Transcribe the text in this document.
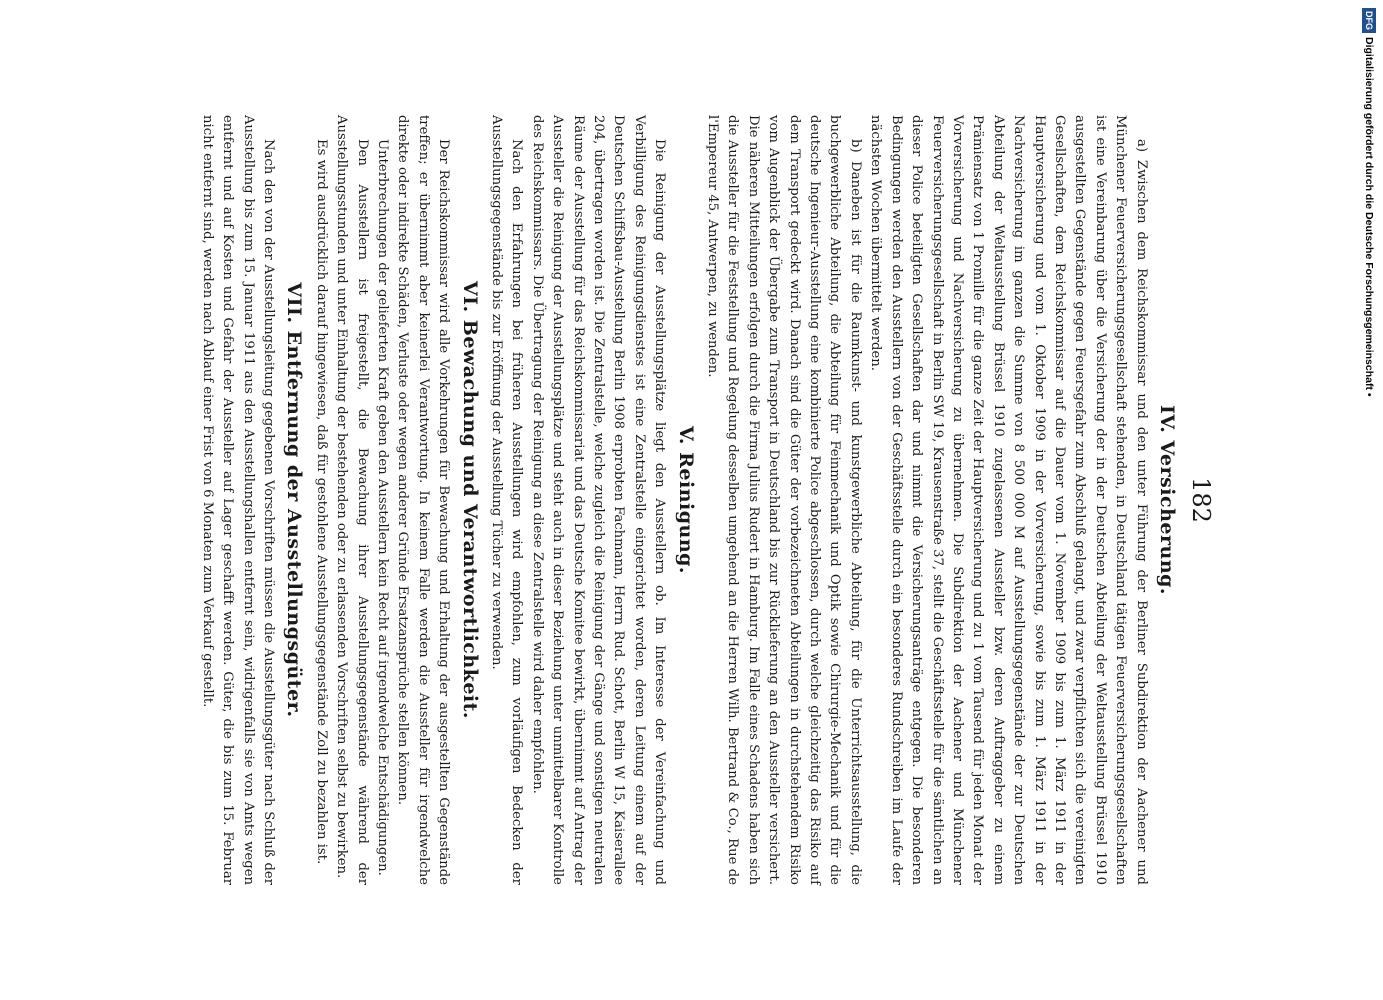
182
IV. Versicherung.

a) Zwischen dem Reichskommissar und den unter Führung der Berliner Subdirektion der Aachener und Münchener Feuerversicherungsgesellschaft stehenden, in Deutschland tätigen Feuerversicherungsgesellschaften ist eine Vereinbarung über die Versicherung der in der Deutschen Abteilung der Weltausstellung Brüssel 1910 ausgestellten Gegenstände gegen Feuersgefahr zum Abschluß gelangt, und zwar verpflichten sich die vereinigten Gesellschaften, dem Reichskommissar auf die Dauer vom 1. November 1909 bis zum 1. März 1911 in der Hauptversicherung und vom 1. Oktober 1909 in der Vorversicherung, sowie bis zum 1. März 1911 in der Nachversicherung im ganzen die Summe von 8 500 000 M auf Ausstellungsgegenstände der zur Deutschen Abteilung der Weltausstellung Brüssel 1910 zugelassenen Aussteller bzw. deren Auftraggeber zu einem Prämiensatz von 1 Promille für die ganze Zeit der Hauptversicherung und zu 1 vom Tausend für jeden Monat der Vorversicherung und Nachversicherung zu übernehmen. Die Subdirektion der Aachener und Münchener Feuerversicherungsgesellschaft in Berlin SW 19, Krausenstraße 37, stellt die Geschäftsstelle für die sämtlichen an dieser Police beteiligten Gesellschaften dar und nimmt die Versicherungsanträge entgegen. Die besonderen Bedingungen werden den Ausstellern von der Geschäftsstelle durch ein besonderes Rundschreiben im Laufe der nächsten Wochen übermittelt werden.

b) Daneben ist für die Raumkunst- und kunstgewerbliche Abteilung, für die Unterrichtsausstellung, die buchgewerbliche Abteilung, die Abteilung für Feinmechanik und Optik sowie Chirurgie-Mechanik und für die deutsche Ingenieur-Ausstellung eine kombinierte Police abgeschlossen, durch welche gleichzeitig das Risiko auf dem Transport gedeckt wird. Danach sind die Güter der vorbezeichneten Abteilungen in durchstehendem Risiko vom Augenblick der Übergabe zum Transport in Deutschland bis zur Rücklieferung an den Aussteller versichert. Die näheren Mitteilungen erfolgen durch die Firma Julius Rudert in Hamburg. Im Falle eines Schadens haben sich die Aussteller für die Feststellung und Regelung desselben umgehend an die Herren Wilh. Bertrand & Co., Rue de l'Empereur 45, Antwerpen, zu wenden.

V. Reinigung.

Die Reinigung der Ausstellungsplätze liegt den Ausstellern ob. Im Interesse der Vereinfachung und Verbilligung des Reinigungsdienstes ist eine Zentralstelle eingerichtet worden, deren Leitung einem auf der Deutschen Schiffsbau-Ausstellung Berlin 1908 erprobten Fachmann, Herrn Rud. Schott, Berlin W 15, Kaiserallee 204, übertragen worden ist. Die Zentralstelle, welche zugleich die Reinigung der Gänge und sonstigen neutralen Räume der Ausstellung für das Reichskommissariat und das Deutsche Komitee bewirkt, übernimmt auf Antrag der Aussteller die Reinigung der Ausstellungsplätze und steht auch in dieser Beziehung unter unmittelbarer Kontrolle des Reichskommissars. Die Übertragung der Reinigung an diese Zentralstelle wird daher empfohlen.

Nach den Erfahrungen bei früheren Ausstellungen wird empfohlen, zum vorläufigen Bedecken der Ausstellungsgegenstände bis zur Eröffnung der Ausstellung Tücher zu verwenden.

VI. Bewachung und Verantwortlichkeit.

Der Reichskommissar wird alle Vorkehrungen für Bewachung und Erhaltung der ausgestellten Gegenstände treffen; er übernimmt aber keinerlei Verantwortung. In keinem Falle werden die Aussteller für irgendwelche direkte oder indirekte Schäden, Verluste oder wegen anderer Gründe Ersatzansprüche stellen können.

Unterbrechungen der gelieferten Kraft geben den Ausstellern kein Recht auf irgendwelche Entschädigungen.

Den Ausstellern ist freigestellt, die Bewachung ihrer Ausstellungsgegenstände während der Ausstellungsstunden und unter Einhaltung der bestehenden oder zu erlassenden Vorschriften selbst zu bewirken.

Es wird ausdrücklich darauf hingewiesen, daß für gestohlene Ausstellungsgegenstände Zoll zu bezahlen ist.

VII. Entfernung der Ausstellungsgüter.

Nach den von der Ausstellungsleitung gegebenen Vorschriften müssen die Ausstellungsgüter nach Schluß der Ausstellung bis zum 15. Januar 1911 aus den Ausstellungshallen entfernt sein, widrigenfalls sie von Amts wegen entfernt und auf Kosten und Gefahr der Aussteller auf Lager geschafft werden. Güter, die bis zum 15. Februar nicht entfernt sind, werden nach Ablauf einer Frist von 6 Monaten zum Verkauf gestellt.

DFGDigitalisierung gefördert durch die Deutsche Forschungsgemeinschaft •
